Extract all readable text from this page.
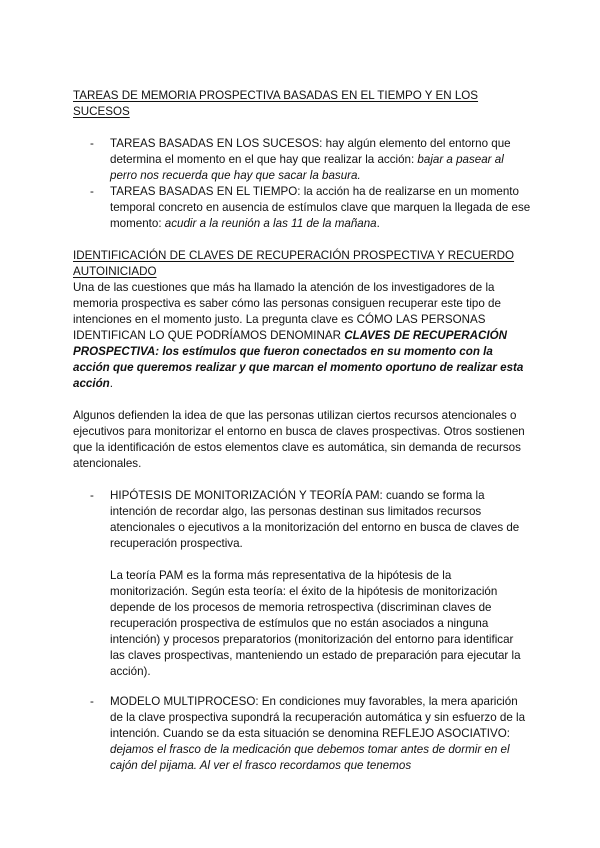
TAREAS DE MEMORIA PROSPECTIVA BASADAS EN EL TIEMPO Y EN LOS SUCESOS
- TAREAS BASADAS EN LOS SUCESOS: hay algún elemento del entorno que determina el momento en el que hay que realizar la acción: bajar a pasear al perro nos recuerda que hay que sacar la basura.
- TAREAS BASADAS EN EL TIEMPO: la acción ha de realizarse en un momento temporal concreto en ausencia de estímulos clave que marquen la llegada de ese momento: acudir a la reunión a las 11 de la mañana.
IDENTIFICACIÓN DE CLAVES DE RECUPERACIÓN PROSPECTIVA Y RECUERDO AUTOINICIADO
Una de las cuestiones que más ha llamado la atención de los investigadores de la memoria prospectiva es saber cómo las personas consiguen recuperar este tipo de intenciones en el momento justo. La pregunta clave es CÓMO LAS PERSONAS IDENTIFICAN LO QUE PODRÍAMOS DENOMINAR CLAVES DE RECUPERACIÓN PROSPECTIVA: los estímulos que fueron conectados en su momento con la acción que queremos realizar y que marcan el momento oportuno de realizar esta acción.
Algunos defienden la idea de que las personas utilizan ciertos recursos atencionales o ejecutivos para monitorizar el entorno en busca de claves prospectivas. Otros sostienen que la identificación de estos elementos clave es automática, sin demanda de recursos atencionales.
- HIPÓTESIS DE MONITORIZACIÓN Y TEORÍA PAM: cuando se forma la intención de recordar algo, las personas destinan sus limitados recursos atencionales o ejecutivos a la monitorización del entorno en busca de claves de recuperación prospectiva.
La teoría PAM es la forma más representativa de la hipótesis de la monitorización. Según esta teoría: el éxito de la hipótesis de monitorización depende de los procesos de memoria retrospectiva (discriminan claves de recuperación prospectiva de estímulos que no están asociados a ninguna intención) y procesos preparatorios (monitorización del entorno para identificar las claves prospectivas, manteniendo un estado de preparación para ejecutar la acción).
- MODELO MULTIPROCESO: En condiciones muy favorables, la mera aparición de la clave prospectiva supondrá la recuperación automática y sin esfuerzo de la intención. Cuando se da esta situación se denomina REFLEJO ASOCIATIVO: dejamos el frasco de la medicación que debemos tomar antes de dormir en el cajón del pijama. Al ver el frasco recordamos que tenemos
